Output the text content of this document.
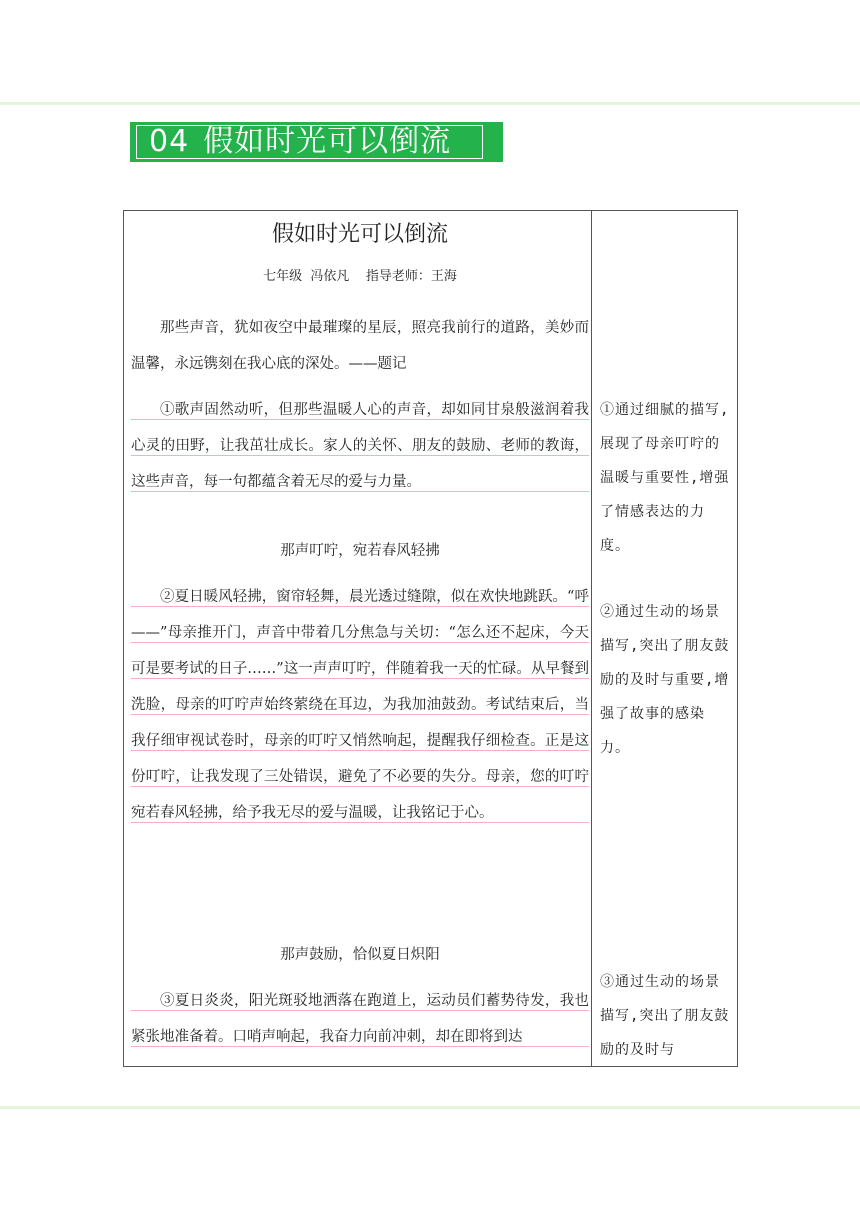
04 假如时光可以倒流
假如时光可以倒流
七年级  冯依凡    指导老师：王海

那些声音，犹如夜空中最璀璨的星辰，照亮我前行的道路，美妙而温馨，永远镌刻在我心底的深处。——题记

①歌声固然动听，但那些温暖人心的声音，却如同甘泉般滋润着我心灵的田野，让我茁壮成长。家人的关怀、朋友的鼓励、老师的教诲，这些声音，每一句都蕴含着无尽的爱与力量。

那声叮咛，宛若春风轻拂

②夏日暖风轻拂，窗帘轻舞，晨光透过缝隙，似在欢快地跳跃。“呼——”母亲推开门，声音中带着几分焦急与关切：“怎么还不起床，今天可是要考试的日子……”这一声声叮咛，伴随着我一天的忙碌。从早餐到洗脸，母亲的叮咛声始终萦绕在耳边，为我加油鼓劲。考试结束后，当我仔细审视试卷时，母亲的叮咛又悄然响起，提醒我仔细检查。正是这份叮咛，让我发现了三处错误，避免了不必要的失分。母亲，您的叮咛宛若春风轻拂，给予我无尽的爱与温暖，让我铭记于心。

那声鼓励，恰似夏日炽阳

③夏日炎炎，阳光斑驳地洒落在跑道上，运动员们蓄势待发，我也紧张地准备着。口哨声响起，我奋力向前冲刺，却在即将到达

①通过细腻的描写,展现了母亲叮咛的温暖与重要性,增强了情感表达的力度。

②通过生动的场景描写,突出了朋友鼓励的及时与重要,增强了故事的感染力。

③通过生动的场景描写,突出了朋友鼓励的及时与
